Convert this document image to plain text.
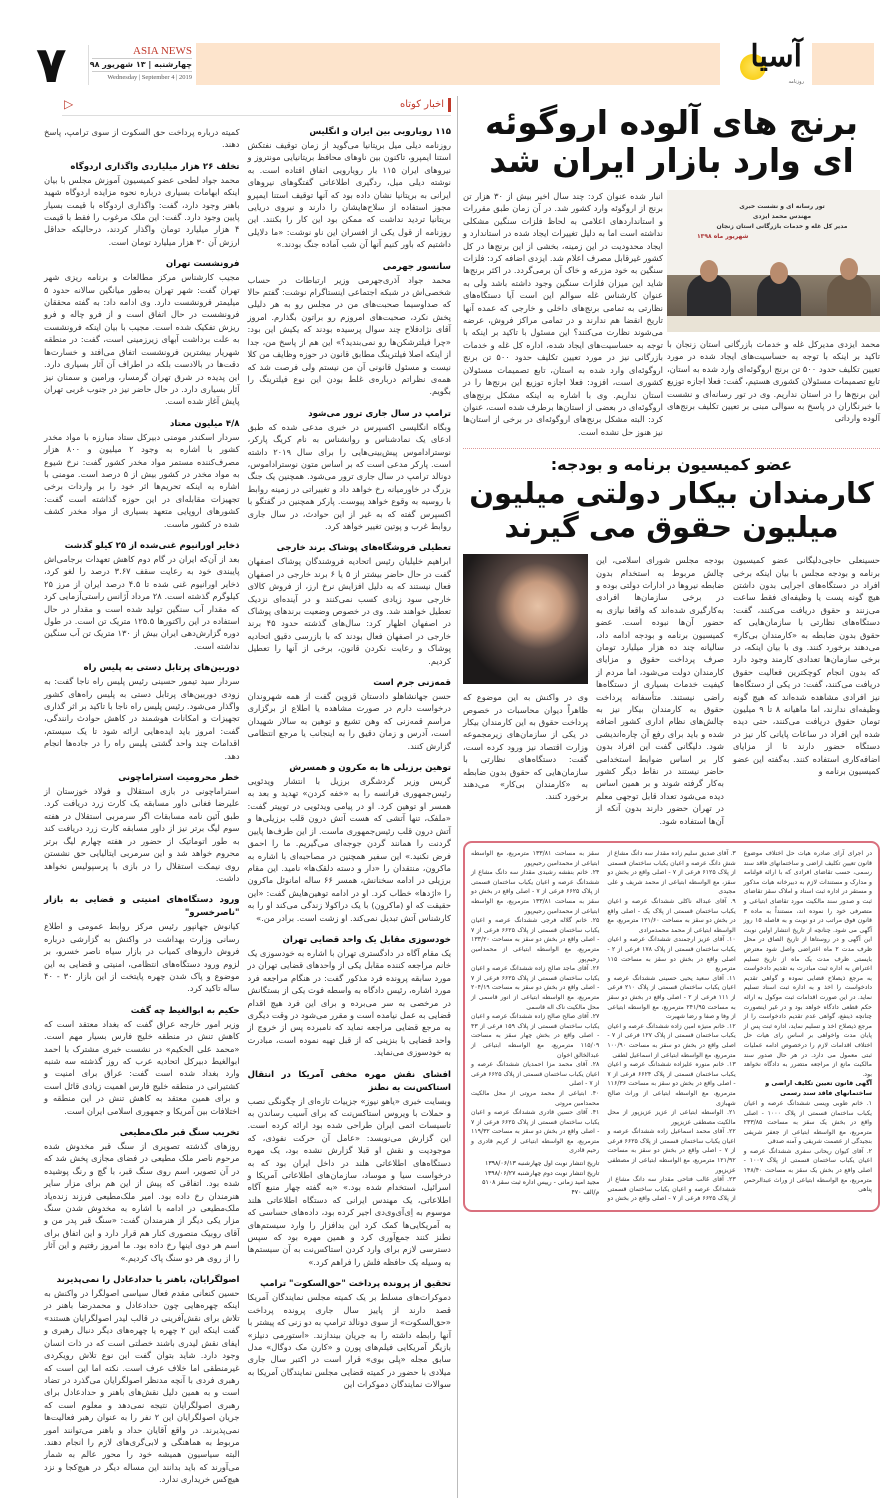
۷	ASIA NEWS
چهارشنبه | ۱۳ شهریور ۹۸
Wednesday | September 4 | 2019
آسیا
روزنامه
اخبار کوتاه
▷

کمیته درباره پرداخت حق السکوت از سوی ترامپ، پاسخ دهند.

تخلف ۲۶ هزار میلیاردی واگذاری اردوگاه

محمد جواد لطحی عضو کمیسیون آموزش مجلس با بیان اینکه ابهامات بسیاری درباره نحوه مزایده اردوگاه شهید باهنر وجود دارد، گفت: واگذاری اردوگاه با قیمت بسیار پایین وجود دارد. گفت: این ملک مرغوب را فقط با قیمت ۴ هزار میلیارد تومان واگذار کردند، درحالیکه حداقل ارزش آن ۳۰ هزار میلیارد تومان است.

فرونشست تهران

مجیب کارشناس مرکز مطالعات و برنامه ریزی شهر تهران گفت: شهر تهران به‌طور میانگین سالانه حدود ۵ میلیمتر فرونشست دارد. وی ادامه داد: به گفته محققان فرونشست در حال اتفاق است و از فرو چاله و فرو ریزش تفکیک شده است. مجیب با بیان اینکه فرونشست به علت برداشت آبهای زیرزمینی است، گفت: در منطقه شهریار بیشترین فرونشست اتفاق می‌افتد و خسارت‌ها دقت‌ها در بالادست بلکه در اطراف آن آثار بسیاری دارد. این پدیده در شرق تهران گرمسار، ورامین و سمنان نیز آثار بسیاری دارد. در حال حاضر نیز در جنوب غربی تهران پایش آغاز شده است.

۴/۸ میلیون معتاد

سردار اسکندر مومنی دبیرکل ستاد مبارزه با مواد مخدر کشور با اشاره به وجود ۲ میلیون و ۸۰۰ هزار مصرف‌کننده مستمر مواد مخدر کشور گفت: نرخ شیوع به مواد مخدر در کشور بیش از ۵ درصد است. مومنی با اشاره به اینکه تحریم‌ها اثر خود را بر واردات برخی تجهیزات مقابله‌ای در این حوزه گذاشته است گفت: کشورهای اروپایی متعهد بسیاری از مواد مخدر کشف شده در کشور ماست.

ذخایر اورانیوم غنی‌شده از ۲۵ کیلو گذشت

بعد از آن‌که ایران در گام دوم کاهش تعهدات برجامی‌اش پایبندی خود به رعایت سقف ۳.۶۷ درصد را لغو کرد، ذخایر اورانیوم غنی شده تا ۴.۵ درصد ایران از مرز ۲۵ کیلوگرم گذشته است. ۲۸ مرداد آژانس راستی‌آزمایی کرد که مقدار آب سنگین تولید شده است و مقدار در حال استفاده در این راکتورها ۱۲۵.۵ متریک تن است. در طول دوره گزارش‌دهی ایران بیش از ۱۳۰ متریک تن آب سنگین نداشته است.

دوربین‌های پرتابل دستی به پلیس راه

سردار سید تیمور حسینی رئیس پلیس راه ناجا گفت: به زودی دوربین‌های پرتابل دستی به پلیس راه‌های کشور واگذار می‌شود. رئیس پلیس راه ناجا با تاکید بر اثر گذاری تجهیزات و امکانات هوشمند در کاهش حوادث رانندگی، گفت: امروز باید ایده‌هایی ارائه شود تا یک سیستم، اقدامات چند واحد گشتی پلیس راه را در جاده‌ها انجام دهد.

خطر محرومیت استراماچونی

استراماچونی در بازی استقلال و فولاد خوزستان از علیرضا فغانی داور مسابقه یک کارت زرد دریافت کرد. طبق آئین نامه مسابقات اگر سرمربی استقلال در هفته سوم لیگ برتر نیز از داور مسابقه کارت زرد دریافت کند به طور اتوماتیک از حضور در هفته چهارم لیگ برتر محروم خواهد شد و این سرمربی ایتالیایی حق نشستن روی نیمکت استقلال را در بازی با پرسپولیس نخواهد داشت.

ورود دستگاه‌های امنیتی و قضایی به بازار "ناصرخسرو"

کیانوش جهانپور رئیس مرکز روابط عمومی و اطلاع رسانی وزارت بهداشت در واکنش به گزارشی درباره فروش داروهای کمیاب در بازار سیاه ناصر خسرو، بر لزوم ورود دستگاه‌های انتظامی، امنیتی و قضایی به این موضوع و پاک شدن چهره پایتخت از این بازار ۳۰ - ۴۰ ساله تاکید کرد.

حکیم به ابوالغیط چه گفت

وزیر امور خارجه عراق گفت که بغداد معتقد است که کاهش تنش در منطقه خلیج فارس بسیار مهم است. «محمد علی الحکیم» در نشست خبری مشترک با احمد ابوالغیط دبیرکل اتحادیه عرب که روز گذشته سه شنبه وارد بغداد شده است گفت: عراق برای امنیت و کشتیرانی در منطقه خلیج فارس اهمیت زیادی قائل است و برای همین معتقد به کاهش تنش در این منطقه و اختلافات بین آمریکا و جمهوری اسلامی ایران است.

تخریب سنگ قبر ملک‌مطیعی

روزهای گذشته تصویری از سنگ قبر مخدوش شده مرحوم ناصر ملک مطیعی در فضای مجازی پخش شد که در آن تصویر، اسم روی سنگ قبر، با گچ و رنگ پوشیده شده بود. اتفاقی که پیش از این هم برای مزار سایر هنرمندان رخ داده بود. امیر ملک‌مطیعی فرزند زنده‌یاد ملک‌مطیعی در ادامه با اشاره به مخدوش شدن سنگ مزار یکی دیگر از هنرمندان گفت: «سنگ قبر پدر من و آقای روبیک منصوری کنار هم قرار دارد و این اتفاق برای اسم هر دوی اینها رخ داده بود. ما امروز رفتیم و این آثار را از روی هر دو سنگ پاک کردیم.»

اصولگرایان، باهنر یا حدادعادل را نمی‌پذیرند

حسین کنعانی مقدم فعال سیاسی اصولگرا در واکنش به اینکه چهره‌هایی چون حدادعادل و محمدرضا باهنر در تلاش برای نقش‌آفرینی در قالب لیدر اصولگرایان هستند» گفت اینکه این ۲ چهره یا چهره‌های دیگر دنبال رهبری و ایفای نقش لیدری باشند خصلتی است که در ذات انسان وجود دارد. شاید بتوان گفت این نوع تلاش رویکردی غیرمنطقی اما خلاف عرف است. نکته اما این است که رهبری فردی با آنچه مدنظر اصولگرایان می‌گذرد در تضاد است و به همین دلیل نقش‌های باهنر و حدادعادل برای رهبری اصولگرایان نتیجه نمی‌دهد و معلوم است که جریان اصولگرایان این ۲ نفر را به عنوان رهبر فعالیت‌ها نمی‌پذیرند. در واقع آقایان حداد و باهنر می‌توانند امور مربوط به هماهنگی و لابی‌گری‌های لازم را انجام دهند. البته سیاسیون همیشه خود را محور عالم به شمار می‌آورند که باید بدانند این مساله دیگر در هیچ‌کجا و نزد هیچ‌کس خریداری ندارد.

۱۱۵ رویارویی بین ایران و انگلیس

روزنامه دیلی میل بریتانیا می‌گوید از زمان توقیف نفتکش استنا ایمپرو، تاکنون بین ناوهای محافظ بریتانیایی مونتروز و نیروهای ایران ۱۱۵ بار رویارویی اتفاق افتاده است. به نوشته دیلی میل، ردگیری اطلاعاتی گفتگوهای نیروهای ایرانی به بریتانیا نشان داده بود که آنها توقیف استنا ایمپرو مجوز استفاده از سلاح‌هایشان را دارند و نیروی دریایی بریتانیا تردید نداشت که ممکن بود این کار را بکنند. این روزنامه از قول یکی از افسران این ناو نوشت: «ما دلایلی داشتیم که باور کنیم آنها آن شب آماده جنگ بودند.»

سانسور جهرمی

محمد جواد آذری‌جهرمی وزیر ارتباطات در حساب شخصی‌اش در شبکه اجتماعی اینستاگرام نوشت: گفتم حالا که صداوسیما صحبت‌های من در مجلس رو به هر دلیلی پخش نکرد، صحبت‌های امروزم رو براتون بگذارم. امروز آقای نژادفلاح چند سوال پرسیده بودند که یکیش این بود: «چرا فیلترشکن‌ها رو نمی‌بندید؟» این هم از پاسخ من، جدا از اینکه اصلا فیلترینگ مطابق قانون در حوزه وظایف من کلا نیست و مسئول قانونی آن من نیستم ولی فرصت شد که همه‌ی نظراتم درباره‌ی غلط بودن این نوع فیلترینگ را بگویم.

ترامپ در سال جاری ترور می‌شود

وبگاه انگلیسی اکسپرس در خبری مدعی شده که طبق ادعای یک نمادشناس و روانشناس به نام کریگ پارکر، نوستراداموس پیش‌بینی‌هایی را برای سال ۲۰۱۹ داشته است. پارکر مدعی است که بر اساس متون نوستراداموس، دونالد ترامپ در سال جاری ترور می‌شود. همچنین یک جنگ بزرگ در خاورمیانه رخ خواهد داد و تغییراتی در زمینه روابط با روسیه به وقوع خواهد پیوست. پارکر همچنین در گفتگو با اکسپرس گفته که به غیر از این حوادث، در سال جاری روابط غرب و پوتین تغییر خواهد کرد.

تعطیلی فروشگاه‌های پوشاک برند خارجی

ابراهیم خلیلیان رئیس اتحادیه فروشندگان پوشاک اصفهان گفت در حال حاضر بیشتر از ۵ یا ۶ برند خارجی در اصفهان فعال نیستند که به دلیل افزایش نرخ ارز، از فروش کالای خارجی سود زیادی کسب نمی‌کنند و در آینده‌ای نزدیک تعطیل خواهند شد. وی در خصوص وضعیت برندهای پوشاک در اصفهان اظهار کرد: سال‌های گذشته حدود ۴۵ برند خارجی در اصفهان فعال بودند که با بازرسی دقیق اتحادیه پوشاک و رعایت نکردن قانون، برخی از آنها را تعطیل کردیم.

قمه‌زنی جرم است

حسن جهانشاهلو دادستان قزوین گفت از همه شهروندان درخواست دارم در صورت مشاهده یا اطلاع از برگزاری مراسم قمه‌زنی که وهن تشیع و توهین به سالار شهیدان است، آدرس و زمان دقیق را به اینجانب یا مرجع انتظامی گزارش کنند.

توهین برزیلی ها به مکرون و همسرش

گریس وزیر گردشگری برزیل با انتشار ویدئویی رئیس‌جمهوری فرانسه را به «خفه کردن» تهدید و بعد به همسر او توهین کرد. او در پیامی ویدئویی در توییتر گفت: «ملفک، تنها آتشی که هست آتش درون قلب برزیلی‌ها و آتش درون قلب رئیس‌جمهوری ماست. از این طرف‌ها پایین گردنت را همانند گردن جوجه‌ای می‌گیریم. ما را احمق فرض نکنید.» این سفیر همچنین در مصاحبه‌ای با اشاره به ماکرون، منتقدان را «دار و دسته دلقک‌ها» نامید. این مقام برزیلی در ادامه سخنانش، همسر ۶۶ ساله امانوئل ماکرون را «اژدها» خطاب کرد. او در ادامه توهین‌هایش گفت: «این حقیقت که او (ماکرون) با یک دراکولا زندگی می‌کند او را به کارشناس آتش تبدیل نمی‌کند. او زشت است. برادر من.»

خودسوزی مقابل یک واحد قضایی تهران

یک مقام آگاه در دادگستری تهران با اشاره به خودسوزی یک خانم مراجعه کننده مقابل یکی از واحدهای قضایی تهران در مورد سابقه پرونده فرد مذکور گفت: در هنگام مراجعه فرد مورد اشاره، رئیس دادگاه به واسطه فوت یکی از بستگانش در مرخصی به سر می‌برده و برای این فرد هیچ اقدام قضایی به عمل نیامده است و مقرر می‌شود در وقت دیگری به مرجع قضایی مراجعه نماید که نامبرده پس از خروج از واحد قضایی با بنزینی که از قبل تهیه نموده است، مبادرت به خودسوزی می‌نماید.

افشای نقش مهره مخفی آمریکا در انتقال استاکس‌نت به نطنز

وبسایت خبری «یاهو نیوز» جزییات تازه‌ای از چگونگی نصب و حملات با ویروس استاکس‌نت که برای آسیب رساندن به تاسیسات اتمی ایران طراحی شده بود ارائه کرده است. این گزارش می‌نویسد: «عامل آن حرکت نفوذی، که موجودیت و نقش او قبلا گزارش نشده بود، یک مهره دستگاه‌های اطلاعاتی هلند در داخل ایران بود که به درخواست سیا و موساد، سازمان‌های اطلاعاتی آمریکا و اسرائیل، استخدام شده بود.» «به گفته چهار منبع آگاه اطلاعاتی، یک مهندس ایرانی که دستگاه اطلاعاتی هلند موسوم به اِی‌آی‌وی‌دی اجیر کرده بود، داده‌های حساسی که به آمریکایی‌ها کمک کرد این بدافزار را وارد سیستم‌های نطنز کنند جمع‌آوری کرد و همین مهره بود که سپس دسترسی لازم برای وارد کردن استاکس‌نت به آن سیستم‌ها به وسیله یک حافظه فلش را فراهم کرد.»

تحقیق از پرونده پرداخت "حق‌السکوت" ترامپ

دموکرات‌های مسلط بر یک کمیته مجلس نمایندگان آمریکا قصد دارند از پاییز سال جاری پرونده پرداخت «حق‌السکوت» از سوی دونالد ترامپ به دو زنی که پیشتر با آنها رابطه داشته را به جریان بیندازند. «استورمی دنیلز» بازیگر آمریکایی فیلم‌های پورن و «کارن مک دوگال» مدل سابق مجله «پلی بوی» قرار است در اکتبر سال جاری میلادی با حضور در کمیته قضایی مجلس نمایندگان آمریکا به سوالات نمایندگان دموکرات این

برنج های آلوده اروگوئه ای وارد بازار ایران شد
انبار شده عنوان کرد: چند سال اخیر بیش از ۳۰ هزار تن برنج از اروگوئه وارد کشور شد. در آن زمان طبق مقررات و استانداردهای اعلامی به لحاظ فلزات سنگین مشکلی نداشته است اما به دلیل تغییرات ایجاد شده در استاندارد و ایجاد محدودیت در این زمینه، بخشی از این برنج‌ها در کل کشور غیرقابل مصرف اعلام شد. ایزدی اضافه کرد: فلزات سنگین به خود مزرعه و خاک آن برمی‌گردد. در اکثر برنج‌ها شاید این میزان فلزات سنگین وجود داشته باشد ولی به عنوان کارشناس غله سوالم این است آیا دستگاه‌های نظارتی به تمامی برنج‌های داخلی و خارجی که عمده آنها تاریخ انقضا هم ندارند و در تمامی مراکز فروش، عرضه می‌شوند نظارت می‌کنند؟ این مسئول با تاکید بر اینکه با توجه به حساسیت‌های ایجاد شده، اداره کل غله و خدمات بازرگانی نیز در مورد تعیین تکلیف حدود ۵۰۰ تن برنج اروگوئه‌ای وارد شده به استان، تابع تصمیمات مسئولان کشوری است، افزود: فعلا اجازه توزیع این برنج‌ها را در استان نداریم. وی با اشاره به اینکه مشکل برنج‌های اروگوئه‌ای در بعضی از استان‌ها برطرف شده است، عنوان کرد: البته مشکل برنج‌های اروگوئه‌ای در برخی از استان‌ها نیز هنوز حل نشده است.
تور رسانه ای و نشست خبری
مهندس محمد ایزدی
مدیر کل غله و خدمات بازرگانی استان زنجان
شهریور ماه ۱۳۹۸
محمد ایزدی مدیرکل غله و خدمات بازرگانی استان زنجان با تاکید بر اینکه با توجه به حساسیت‌های ایجاد شده در مورد تعیین تکلیف حدود ۵۰۰ تن برنج اروگوئه‌ای وارد شده به استان، تابع تصمیمات مسئولان کشوری هستیم، گفت: فعلا اجازه توزیع این برنج‌ها را در استان نداریم. وی در تور رسانه‌ای و نشست با خبرنگاران در پاسخ به سوالی مبنی بر تعیین تکلیف برنج‌های آلوده وارداتی
عضو کمیسیون برنامه و بودجه:
کارمندان بیکار دولتی میلیون میلیون حقوق می گیرند
وی در واکنش به این موضوع که ظاهراً دیوان محاسبات در خصوص پرداخت حقوق به این کارمندان بیکار در یکی از سازمان‌های زیرمجموعه وزارت اقتصاد نیز ورود کرده است، گفت: دستگاه‌های نظارتی با سازمان‌هایی که حقوق بدون ضابطه به «کارمندان بی‌کار» می‌دهند برخورد کنند.
بودجه مجلس شورای اسلامی، این چالش مربوط به استخدام بدون ضابطه نیروها در ادارات دولتی بوده و در برخی سازمان‌ها افرادی به‌کارگیری شده‌اند که واقعا نیازی به حضور آن‌ها نبوده است. عضو کمیسیون برنامه و بودجه ادامه داد، سالیانه چند ده هزار میلیارد تومان صرف پرداخت حقوق و مزایای کارمندان دولت می‌شود، اما مردم از کیفیت خدمات بسیاری از دستگاه‌ها راضی نیستند. متأسفانه پرداخت حقوق به کارمندان بیکار نیز به چالش‌های نظام اداری کشور اضافه شده و باید برای رفع آن چاره‌اندیشی شود. دلیگانی گفت این افراد بدون کار بر اساس ضوابط استخدامی حاضر نیستند در نقاط دیگر کشور به‌کار گرفته شوند و بر همین اساس دیده می‌شود تعداد قابل توجهی معلم در تهران حضور دارند بدون آنکه از آن‌ها استفاده شود.
حسینعلی حاجی‌دلیگانی عضو کمیسیون برنامه و بودجه مجلس با بیان اینکه برخی افراد در دستگاه‌های اجرایی بدون داشتن هیچ گونه پست یا وظیفه‌ای فقط ساعت می‌زنند و حقوق دریافت می‌کنند، گفت: دستگاه‌های نظارتی با سازمان‌هایی که حقوق بدون ضابطه به «کارمندان بی‌کار» می‌دهند برخورد کنند. وی با بیان اینکه، در برخی سازمان‌ها تعدادی کارمند وجود دارد که بدون انجام کوچکترین فعالیت حقوق دریافت می‌کنند، گفت: در یکی از دستگاه‌ها نیز افرادی مشاهده شده‌اند که هیچ گونه وظیفه‌ای ندارند، اما ماهیانه ۸ تا ۹ میلیون تومان حقوق دریافت می‌کنند، حتی دیده شده این افراد در ساعات پایانی کار نیز در دستگاه حضور دارند تا از مزایای اضافه‌کاری استفاده کنند. به‌گفته این عضو کمیسیون برنامه و

در اجرای آرای صادره هیات حل اختلاف موضوع قانون تعیین تکلیف اراضی و ساختمانهای فاقد سند رسمی، حسب تقاضای افرادی که با ارائه قولنامه و مدارک و مستندات لازم به دبیرخانه هیات مذکور و مستقر در اداره ثبت اسناد و املاک سقز تقاضای ثبت و صدور سند مالکیت مورد تقاضای ابتیاعی و متصرفی خود را نموده اند، مستنداً به ماده ۳ قانون فوق مراتب در دو نوبت و به فاصله ۱۵ روز آگهی می شود. چنانچه از تاریخ انتشار اولین نوبت این آگهی و در روستاها از تاریخ الصاق در محل ظرف مدت ۲ ماه اعتراضی واصل شود معترض بایستی ظرف مدت یک ماه از تاریخ تسلیم اعتراض به اداره ثبت مبادرت به تقدیم دادخواست به مرجع ذیصلاح قضایی نموده و گواهی تقدیم دادخواست را اخذ و به اداره ثبت اسناد تسلیم نماید. در این صورت اقدامات ثبت موکول به ارائه حکم قطعی دادگاه خواهد بود و در غیر اینصورت چنانچه ذینفع، گواهی عدم تقدیم دادخواست را از مرجع ذیصلاح اخذ و تسلیم نماید، اداره ثبت پس از پایان مدت واخواهی بر اساس رای هیات حل اختلاف اقدامات لازم را درخصوص ادامه عملیات ثبتی معمول می دارد. در هر حال صدور سند مالکیت مانع از مراجعه متضرر به دادگاه نخواهد بود.

آگهی قانون تعیین تکلیف اراضی و ساختمانهای فاقد سند رسمی

۱. خانم طوبی ویسی ششدانگ عرصه و اعیان یکباب ساختمان قسمتی از پلاک ۱۰۰۰ - اصلی واقع در بخش یک سقز به مساحت ۲۳۳/۸۵ مترمربع، مع الواسطه ابتیاعی از جعفر شریفی بنجیدگی از عصمت شریفی و آمنه صدقی

۲. آقای کیوان ریحانی سفری ششدانگ عرصه و اعیان یکباب ساختمان قسمتی از پلاک ۱۰۰۷ - اصلی واقع در بخش یک سقز به مساحت ۱۴۸/۴۰ مترمربع، مع الواسطه ابتیاعی از وراث عبدالرحمن پناهی

۳. آقای صدیق سلیم زاده مقدار سه دانگ مشاع از شش دانگ عرصه و اعیان یکباب ساختمان قسمتی از پلاک ۶۱۲۵ فرعی از ۷ - اصلی واقع در بخش دو سقز، مع الواسطه ابتیاعی از محمد شریف و علی مجیدی

۹. آقای عبداله ناکلی ششدانگ عرصه و اعیان یکباب ساختمان قسمتی از پلاک یک - اصلی واقع در بخش دو سقز به مساحت ۱۲۱/۶۰ مترمربع، مع الواسطه ابتیاعی از محمد محمدمرادی

۱۰. آقای عزیز ارجمندی ششدانگ عرصه و اعیان یکباب ساختمان قسمتی از پلاک ۱۷۸ فرعی از ۲ - اصلی واقع در بخش دو سقز به مساحت ۱۱۵ مترمربع

۱۱. آقای سعید یحیی حسینی ششدانگ عرصه و اعیان یکباب ساختمان قسمتی از پلاک ۲۱۰ فرعی از ۱۱۱ فرعی از ۲ - اصلی واقع در بخش دو سقز به مساحت ۲۴۱/۹۵ مترمربع، مع الواسطه ابتیاعی از وفا و صفا و رضا شهبرت

۱۲. خانم منیژه امین زاده ششدانگ عرصه و اعیان یکباب ساختمان قسمتی از پلاک ۱۲۷ فرعی از ۷ - اصلی واقع در بخش دو سقز به مساحت ۱۰۰/۹۰ مترمربع، مع الواسطه ابتیاعی از اسماعیل لطفی

۱۳. خانم منوره علیزاده ششدانگ عرصه و اعیان یکباب ساختمان قسمتی از پلاک ۶۶۲۴ فرعی از ۷ - اصلی واقع در بخش دو سقز به مساحت ۱۱۶/۳۶ مترمربع، مع الواسطه ابتیاعی از وراث صالح شهبازی

۲۱. الواسطه ابتیاعی از عزیز عزیزپور از محل مالکیت مصطفی عزیزپور

۲۲. آقای محمد اسماعیل زاده ششدانگ عرصه و اعیان یکباب ساختمان قسمتی از پلاک ۶۶۲۵ فرعی از ۷ - اصلی واقع در بخش دو سقز به مساحت ۱۲۱/۹۲ مترمربع، مع الواسطه ابتیاعی از مصطفی عزیزپور

۲۳. آقای غالب فتاحی مقدار سه دانگ مشاع از ششدانگ عرصه و اعیان یکباب ساختمان قسمتی از پلاک ۶۶۲۵ فرعی از ۷ - اصلی واقع در بخش دو سقز به مساحت ۱۳۳/۸۱ مترمربع، مع الواسطه ابتیاعی از محمدامین رحیم‌پور

۲۴. خانم بنفشه رشیدی مقدار سه دانگ مشاع از ششدانگ عرصه و اعیان یکباب ساختمان قسمتی از پلاک ۶۶۲۵ فرعی از ۷ - اصلی واقع در بخش دو سقز به مساحت ۱۳۳/۸۱ مترمربع، مع الواسطه ابتیاعی از محمدامین رحیم‌پور

۲۵. خانم گلاله فرجی ششدانگ عرصه و اعیان یکباب ساختمان قسمتی از پلاک ۶۶۲۵ فرعی از ۷ - اصلی واقع در بخش دو سقز به مساحت ۱۳۳/۲۰ مترمربع، مع الواسطه ابتیاعی از محمدامین رحیم‌پور

۲۶. آقای ماجد صالح زاده ششدانگ عرصه و اعیان یکباب ساختمان قسمتی از پلاک ۶۶۲۵ فرعی از ۷ - اصلی واقع در بخش دو سقز به مساحت ۲۰۴/۱۹ مترمربع، مع الواسطه ابتیاعی از انور قاسمی از محل مالکیت ناک اله قاسمی

۲۷. آقای صالح صالح زاده ششدانگ عرصه و اعیان یکباب ساختمان قسمتی از پلاک ۱۵۹ فرعی از ۴۳ - اصلی واقع در بخش چهار سقز به مساحت ۱۱۵/۰۹ مترمربع، مع الواسطه ابتیاعی از عبدالخالق اخوان

۲۸. آقای محمد مزا احمدیان ششدانگ عرصه و اعیان یکباب ساختمان قسمتی از پلاک ۶۶۲۵ فرعی از ۷ - اصلی

۴۰. ابتیاعی از محمد مروتی از محل مالکیت محمدامین مروتی

۴۱. آقای حسین قادری ششدانگ عرصه و اعیان یکباب ساختمان قسمتی از پلاک ۶۶۲۵ فرعی از ۷ - اصلی واقع در بخش دو سقز به مساحت ۱۱۹/۳۲ مترمربع، مع الواسطه ابتیاعی از کریم قادری و رحیم قادری

تاریخ انتشار نوبت اول چهارشنبه ۱۳۹۸/۰۶/۱۳
تاریخ انتشار نوبت دوم چهارشنبه ۱۳۹۸/۰۶/۲۷
مجید امید زمانی - رییس اداره ثبت سقز ۵۱۰۸
م/الف ۴۷۰
